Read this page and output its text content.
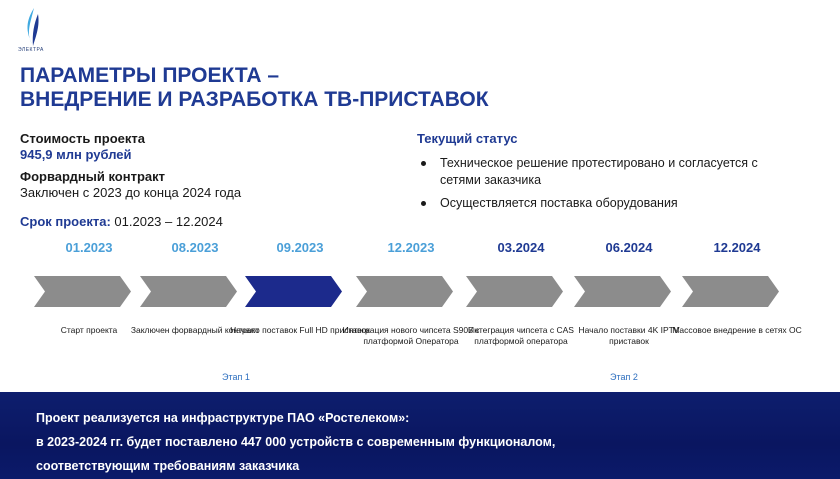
ЭЛЕКТРА
ПАРАМЕТРЫ ПРОЕКТА –
ВНЕДРЕНИЕ И РАЗРАБОТКА ТВ-ПРИСТАВОК
Стоимость проекта
945,9 млн рублей
Форвардный контракт
Заключен с 2023 до конца 2024 года
Срок проекта: 01.2023 – 12.2024
Текущий статус
Техническое решение протестировано и согласуется с сетями заказчика
Осуществляется поставка оборудования
01.2023
Старт проекта
08.2023
Заключен форвардный контракт
09.2023
Начало поставок Full HD приставок
12.2023
Интеграция нового чипсета S905 с платформой Оператора
03.2024
Интеграция чипсета с CAS платформой оператора
06.2024
Начало поставки 4K IPTV приставок
12.2024
Массовое внедрение в сетях ОС
Этап 1	Этап 2

Проект реализуется на инфраструктуре ПАО «Ростелеком»:

в 2023-2024 гг. будет поставлено 447 000 устройств с современным функционалом,

соответствующим требованиям заказчика
